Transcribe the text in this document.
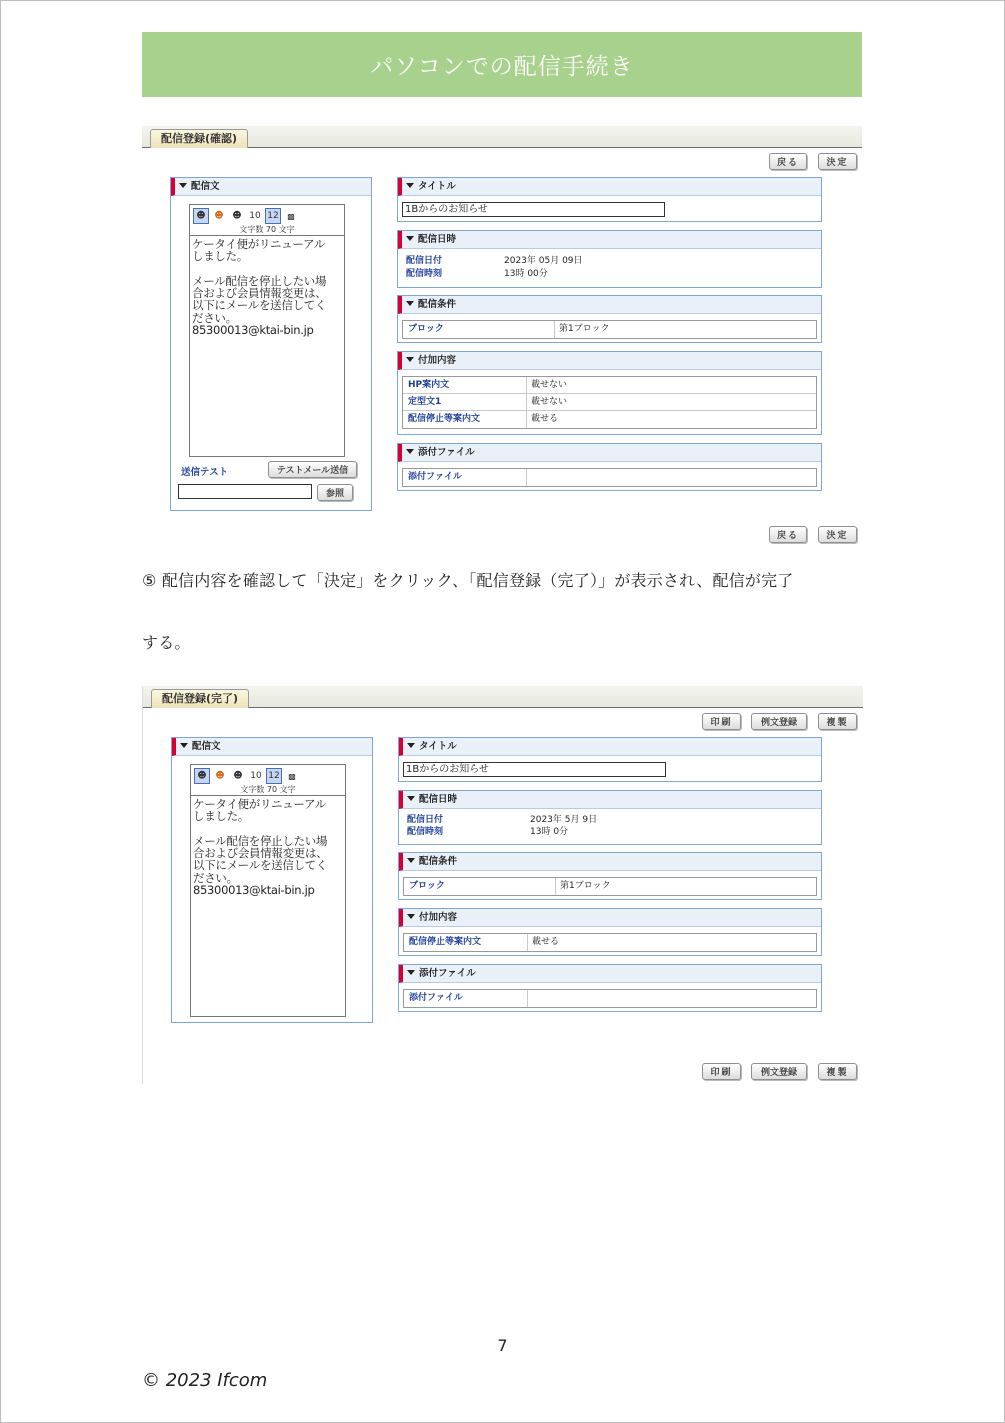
パソコンでの配信手続き
配信登録(確認)
戻る	決定
配信文
☻ ☻ ☻ 10 12	▩
文字数 70 文字
ケータイ便がリニューアル
しました。

メール配信を停止したい場
合および会員情報変更は、
以下にメールを送信してく
ださい。
85300013@ktai-bin.jp
送信テスト	テストメール送信
参照
タイトル
1Bからのお知らせ
配信日時
配信日付	2023年 05月 09日
配信時刻	13時 00分
配信条件
ブロック	第1ブロック
付加内容
HP案内文	載せない
定型文1	載せない
配信停止等案内文	載せる
添付ファイル
添付ファイル
戻る	決定
⑤ 配信内容を確認して「決定」をクリック、「配信登録（完了）」が表示され、配信が完了
する。
配信登録(完了)
印刷	例文登録	複製
配信文
☻ ☻ ☻ 10 12	▩
文字数 70 文字
ケータイ便がリニューアル
しました。

メール配信を停止したい場
合および会員情報変更は、
以下にメールを送信してく
ださい。
85300013@ktai-bin.jp
タイトル
1Bからのお知らせ
配信日時
配信日付	2023年 5月 9日
配信時刻	13時 0分
配信条件
ブロック	第1ブロック
付加内容
配信停止等案内文	載せる
添付ファイル
添付ファイル
印刷	例文登録	複製
7
© 2023 Ifcom
